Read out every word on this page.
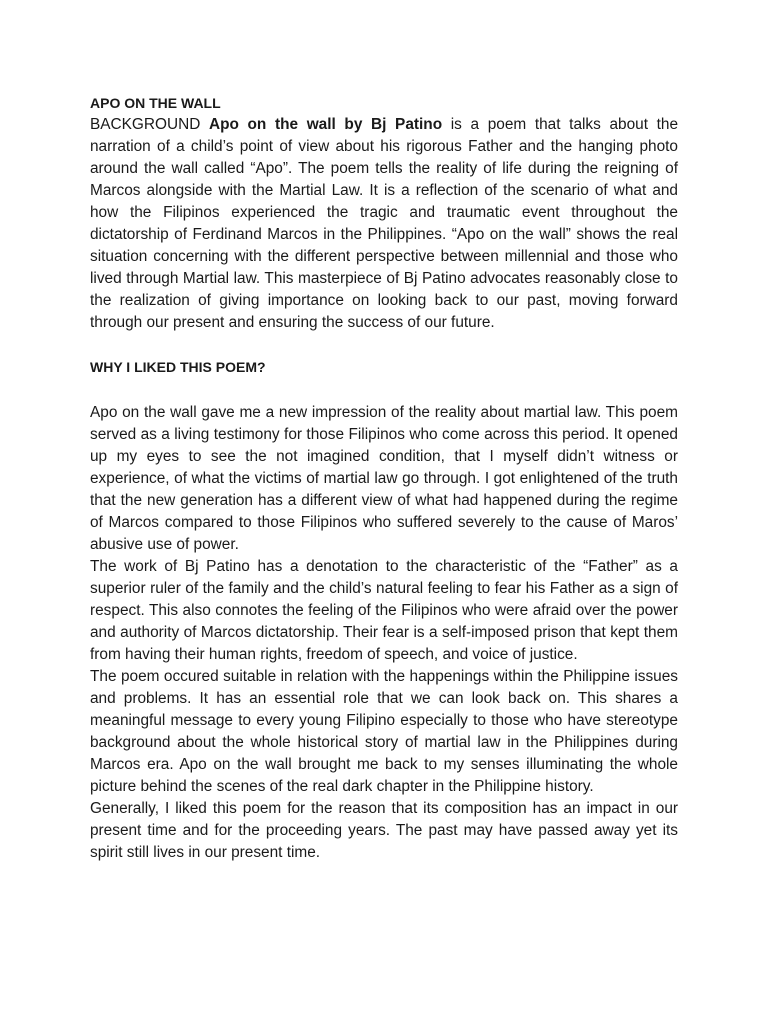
APO ON THE WALL

BACKGROUND Apo on the wall by Bj Patino is a poem that talks about the narration of a child’s point of view about his rigorous Father and the hanging photo around the wall called “Apo”. The poem tells the reality of life during the reigning of Marcos alongside with the Martial Law. It is a reflection of the scenario of what and how the Filipinos experienced the tragic and traumatic event throughout the dictatorship of Ferdinand Marcos in the Philippines. “Apo on the wall” shows the real situation concerning with the different perspective between millennial and those who lived through Martial law. This masterpiece of Bj Patino advocates reasonably close to the realization of giving importance on looking back to our past, moving forward through our present and ensuring the success of our future.

WHY I LIKED THIS POEM?

Apo on the wall gave me a new impression of the reality about martial law. This poem served as a living testimony for those Filipinos who come across this period. It opened up my eyes to see the not imagined condition, that I myself didn’t witness or experience, of what the victims of martial law go through. I got enlightened of the truth that the new generation has a different view of what had happened during the regime of Marcos compared to those Filipinos who suffered severely to the cause of Maros’ abusive use of power.

The work of Bj Patino has a denotation to the characteristic of the “Father” as a superior ruler of the family and the child’s natural feeling to fear his Father as a sign of respect. This also connotes the feeling of the Filipinos who were afraid over the power and authority of Marcos dictatorship. Their fear is a self-imposed prison that kept them from having their human rights, freedom of speech, and voice of justice.

The poem occured suitable in relation with the happenings within the Philippine issues and problems. It has an essential role that we can look back on. This shares a meaningful message to every young Filipino especially to those who have stereotype background about the whole historical story of martial law in the Philippines during Marcos era. Apo on the wall brought me back to my senses illuminating the whole picture behind the scenes of the real dark chapter in the Philippine history.

Generally, I liked this poem for the reason that its composition has an impact in our present time and for the proceeding years. The past may have passed away yet its spirit still lives in our present time.
